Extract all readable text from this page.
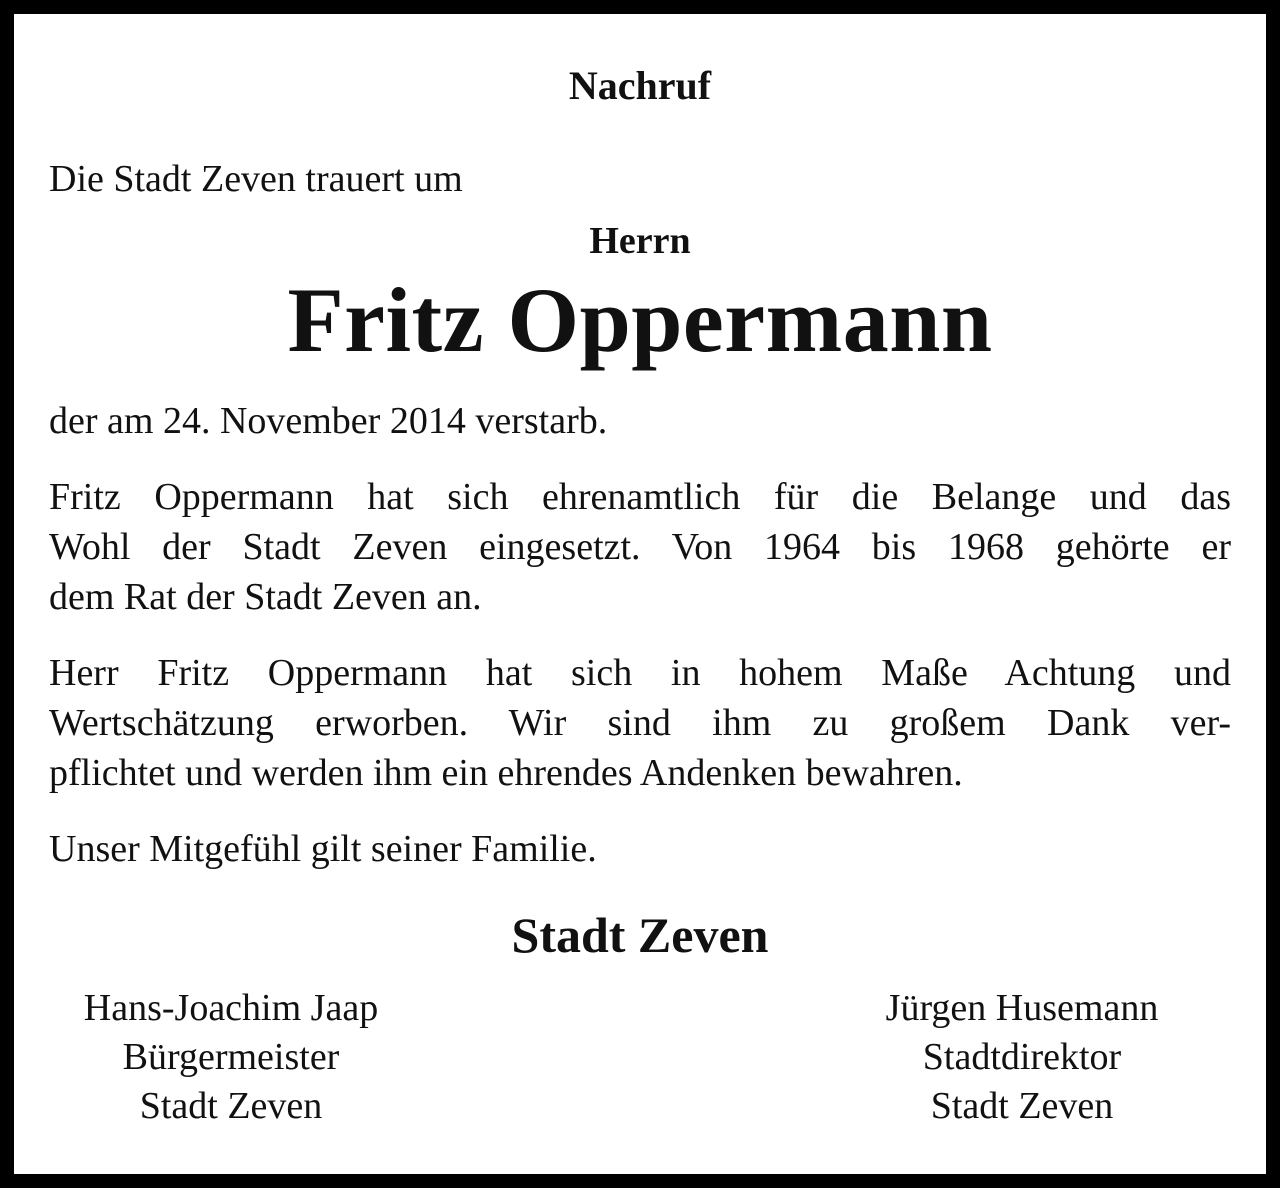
Nachruf

Die Stadt Zeven trauert um

Herrn

Fritz Oppermann

der am 24. November 2014 verstarb.

Fritz Oppermann hat sich ehrenamtlich für die Belange und das
Wohl der Stadt Zeven eingesetzt. Von 1964 bis 1968 gehörte er
dem Rat der Stadt Zeven an.
Herr Fritz Oppermann hat sich in hohem Maße Achtung und
Wertschätzung erworben. Wir sind ihm zu großem Dank ver-
pflichtet und werden ihm ein ehrendes Andenken bewahren.

Unser Mitgefühl gilt seiner Familie.

Stadt Zeven
Hans-Joachim Jaap
Bürgermeister
Stadt Zeven
Jürgen Husemann
Stadtdirektor
Stadt Zeven
